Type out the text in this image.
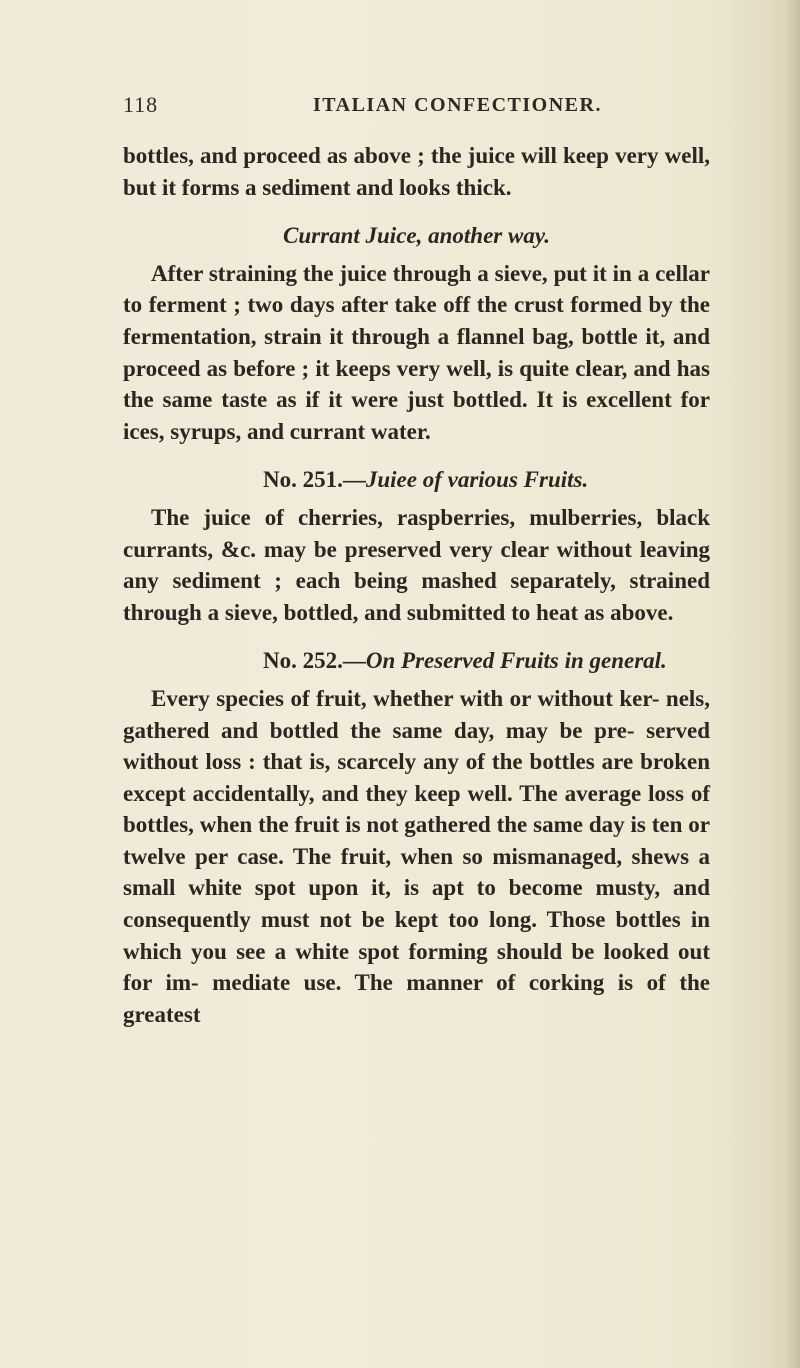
118	ITALIAN CONFECTIONER.

bottles, and proceed as above ; the juice will keep very well, but it forms a sediment and looks thick.

Currant Juice, another way.

After straining the juice through a sieve, put it in a cellar to ferment ; two days after take off the crust formed by the fermentation, strain it through a flannel bag, bottle it, and proceed as before ; it keeps very well, is quite clear, and has the same taste as if it were just bottled. It is excellent for ices, syrups, and currant water.

No. 251.—Juiee of various Fruits.

The juice of cherries, raspberries, mulberries, black currants, &c. may be preserved very clear without leaving any sediment ; each being mashed separately, strained through a sieve, bottled, and submitted to heat as above.

No. 252.—On Preserved Fruits in general.

Every species of fruit, whether with or without ker- nels, gathered and bottled the same day, may be pre- served without loss : that is, scarcely any of the bottles are broken except accidentally, and they keep well. The average loss of bottles, when the fruit is not gathered the same day is ten or twelve per case. The fruit, when so mismanaged, shews a small white spot upon it, is apt to become musty, and consequently must not be kept too long. Those bottles in which you see a white spot forming should be looked out for im- mediate use. The manner of corking is of the greatest
